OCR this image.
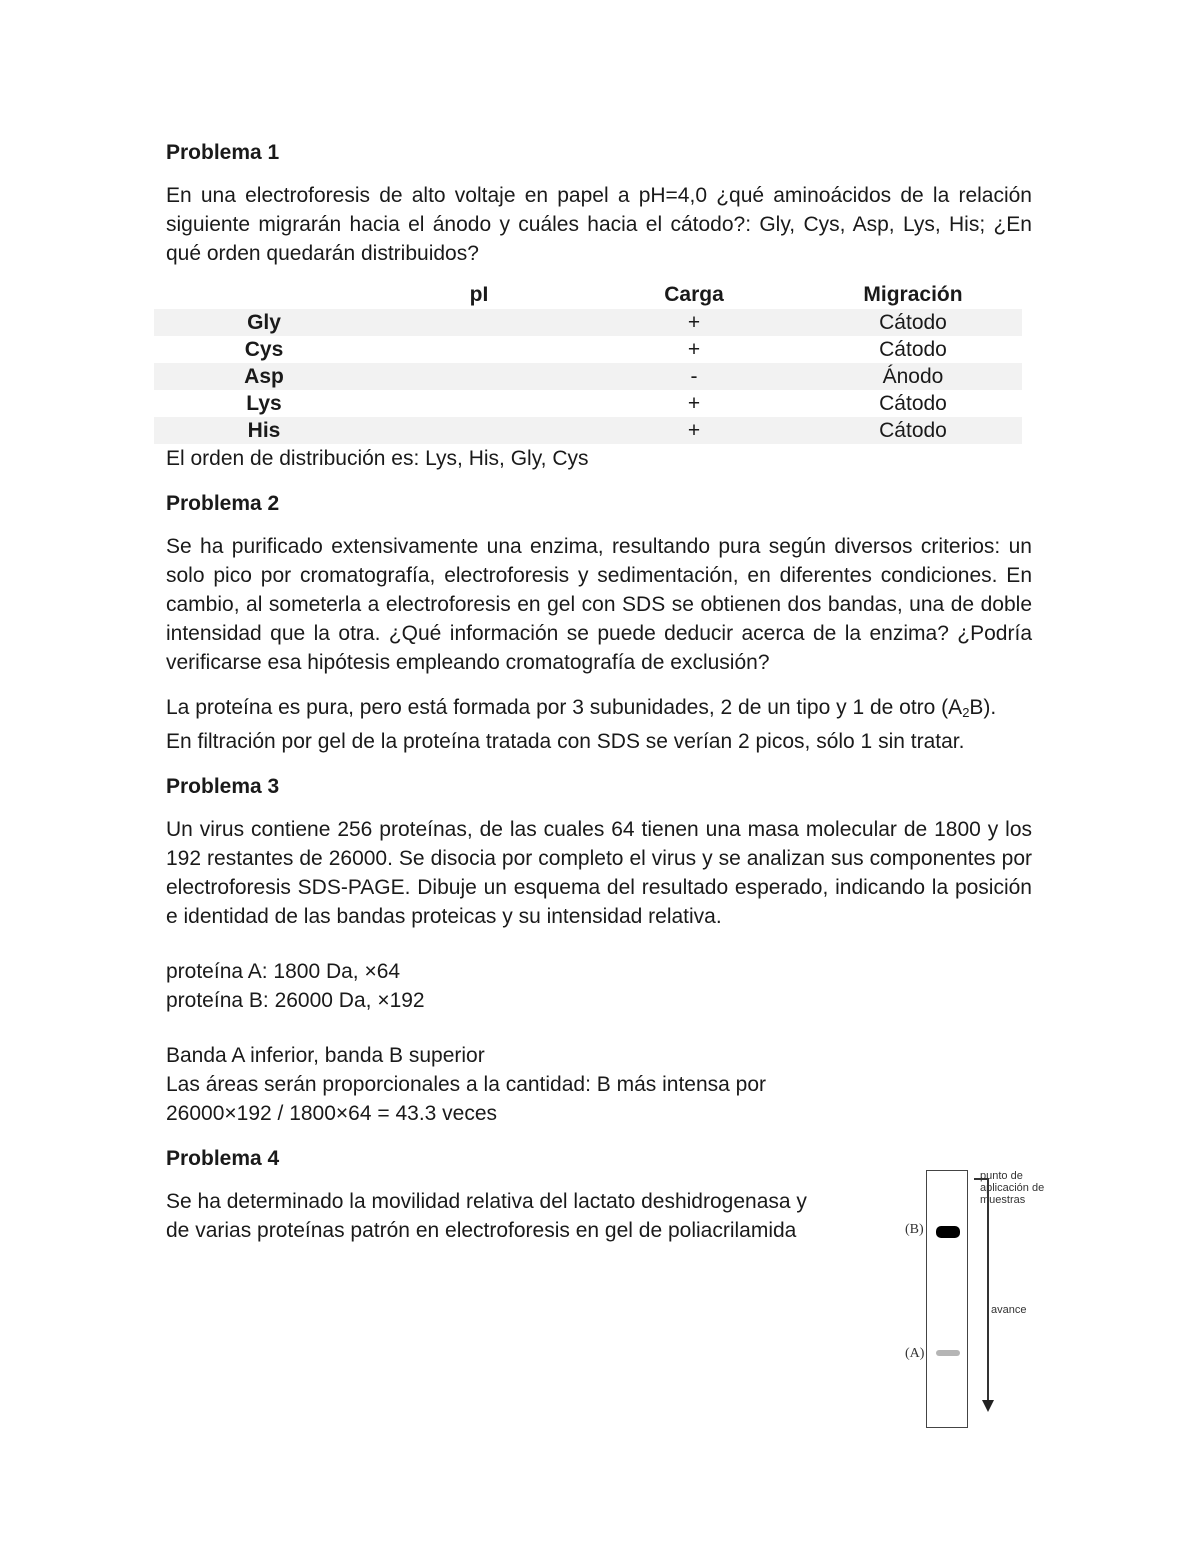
Problema 1

En una electroforesis de alto voltaje en papel a pH=4,0 ¿qué aminoácidos de la relación siguiente migrarán hacia el ánodo y cuáles hacia el cátodo?: Gly, Cys, Asp, Lys, His; ¿En qué orden quedarán distribuidos?

	pI	Carga	Migración
Gly		+	Cátodo
Cys		+	Cátodo
Asp		-	Ánodo
Lys		+	Cátodo
His		+	Cátodo

El orden de distribución es: Lys, His, Gly, Cys

Problema 2

Se ha purificado extensivamente una enzima, resultando pura según diversos criterios: un solo pico por cromatografía, electroforesis y sedimentación, en diferentes condiciones. En cambio, al someterla a electroforesis en gel con SDS se obtienen dos bandas, una de doble intensidad que la otra. ¿Qué información se puede deducir acerca de la enzima? ¿Podría verificarse esa hipótesis empleando cromatografía de exclusión?

La proteína es pura, pero está formada por 3 subunidades, 2 de un tipo y 1 de otro $(A_2B)$.

En filtración por gel de la proteína tratada con SDS se verían 2 picos, sólo 1 sin tratar.

Problema 3

Un virus contiene 256 proteínas, de las cuales 64 tienen una masa molecular de 1800 y los 192 restantes de 26000. Se disocia por completo el virus y se analizan sus componentes por electroforesis SDS-PAGE. Dibuje un esquema del resultado esperado, indicando la posición e identidad de las bandas proteicas y su intensidad relativa.

proteína A: 1800 Da, ×64

proteína B: 26000 Da, ×192

Banda A inferior, banda B superior

Las áreas serán proporcionales a la cantidad: B más intensa por

26000×192 / 1800×64 = 43.3 veces

Problema 4

Se ha determinado la movilidad relativa del lactato deshidrogenasa y

de varias proteínas patrón en electroforesis en gel de poliacrilamida	(B)
(A)
punto de aplicación de muestras
avance
